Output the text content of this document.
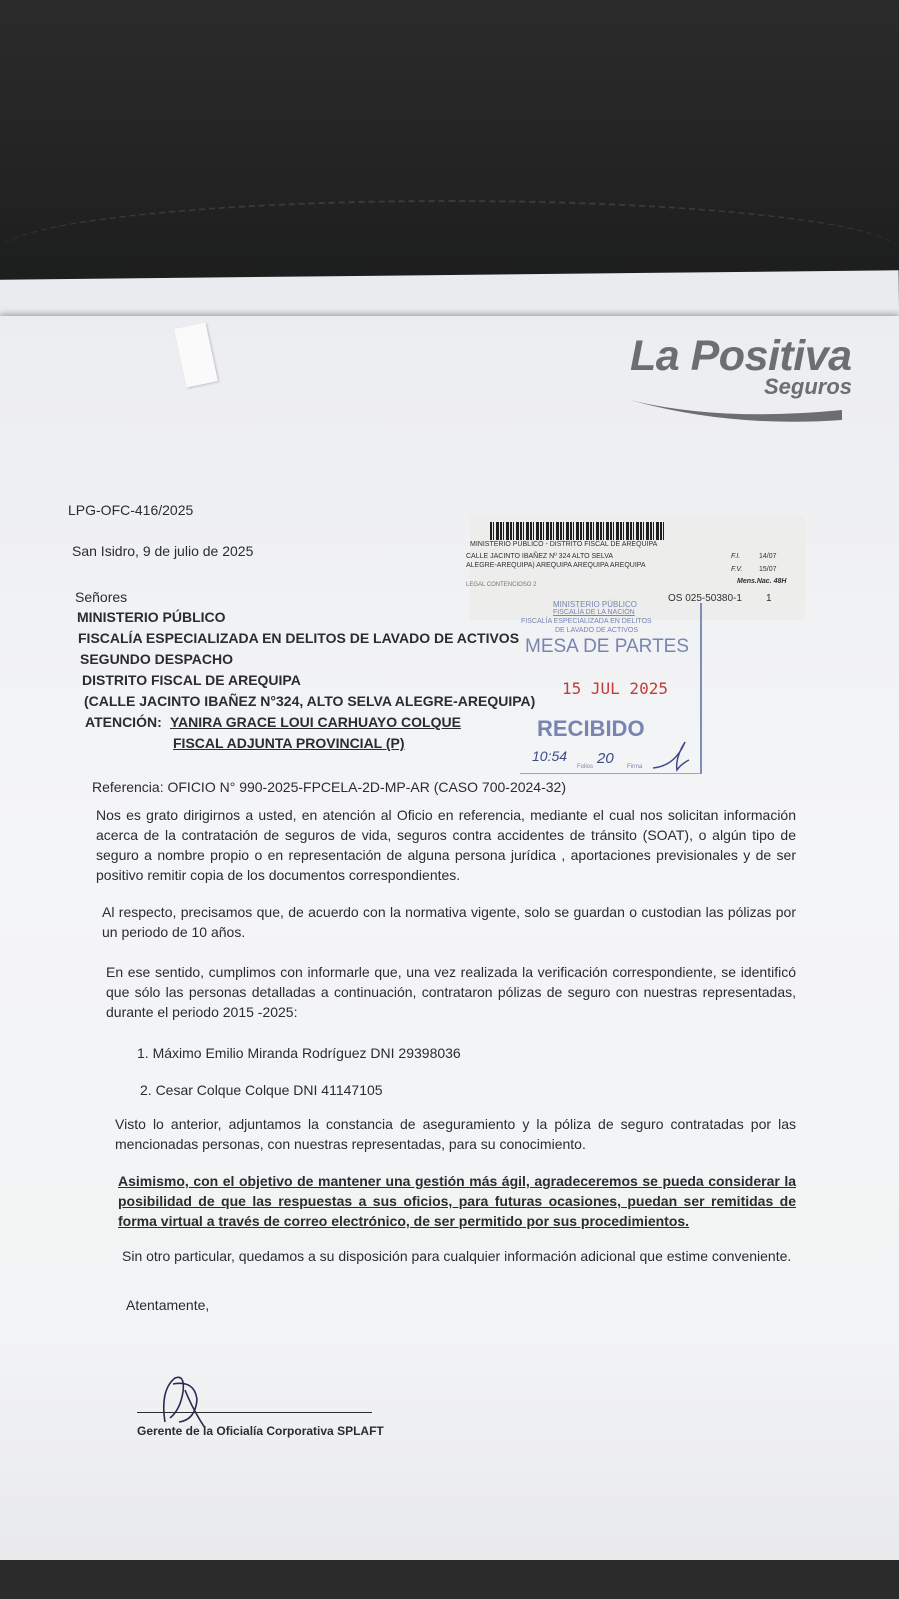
La Positiva
Seguros
LPG-OFC-416/2025
San Isidro, 9 de julio de 2025	MINISTERIO PÚBLICO - DISTRITO FISCAL DE AREQUIPA
CALLE JACINTO IBAÑEZ Nº 324 ALTO SELVA
ALEGRE-AREQUIPA) AREQUIPA AREQUIPA AREQUIPA
F.I.	14/07
F.V. 15/07
Mens.Nac. 48H
LEGAL CONTENCIOSO 2
OS 025-50380-1 1
Señores
MINISTERIO PÚBLICO
FISCALÍA ESPECIALIZADA EN DELITOS DE LAVADO DE ACTIVOS
SEGUNDO DESPACHO
DISTRITO FISCAL DE AREQUIPA
(CALLE JACINTO IBAÑEZ N°324, ALTO SELVA ALEGRE-AREQUIPA)
ATENCIÓN: YANIRA GRACE LOUI CARHUAYO COLQUE
FISCAL ADJUNTA PROVINCIAL (P)
MINISTERIO PÚBLICO
FISCALÍA DE LA NACIÓN
FISCALÍA ESPECIALIZADA EN DELITOS
DE LAVADO DE ACTIVOS
MESA DE PARTES
15 JUL 2025
RECIBIDO
10:54
Folios 20 Firma
Referencia: OFICIO N° 990-2025-FPCELA-2D-MP-AR (CASO 700-2024-32)
Nos es grato dirigirnos a usted, en atención al Oficio en referencia, mediante el cual nos solicitan información acerca de la contratación de seguros de vida, seguros contra accidentes de tránsito (SOAT), o algún tipo de seguro a nombre propio o en representación de alguna persona jurídica , aportaciones previsionales y de ser positivo remitir copia de los documentos correspondientes.
Al respecto, precisamos que, de acuerdo con la normativa vigente, solo se guardan o custodian las pólizas por un periodo de 10 años.
En ese sentido, cumplimos con informarle que, una vez realizada la verificación correspondiente, se identificó que sólo las personas detalladas a continuación, contrataron pólizas de seguro con nuestras representadas, durante el periodo 2015 -2025:
1. Máximo Emilio Miranda Rodríguez DNI 29398036
2. Cesar Colque Colque DNI 41147105
Visto lo anterior, adjuntamos la constancia de aseguramiento y la póliza de seguro contratadas por las mencionadas personas, con nuestras representadas, para su conocimiento.
Asimismo, con el objetivo de mantener una gestión más ágil, agradeceremos se pueda considerar la posibilidad de que las respuestas a sus oficios, para futuras ocasiones, puedan ser remitidas de forma virtual a través de correo electrónico, de ser permitido por sus procedimientos.
Sin otro particular, quedamos a su disposición para cualquier información adicional que estime conveniente.
Atentamente,
Gerente de la Oficialía Corporativa SPLAFT
